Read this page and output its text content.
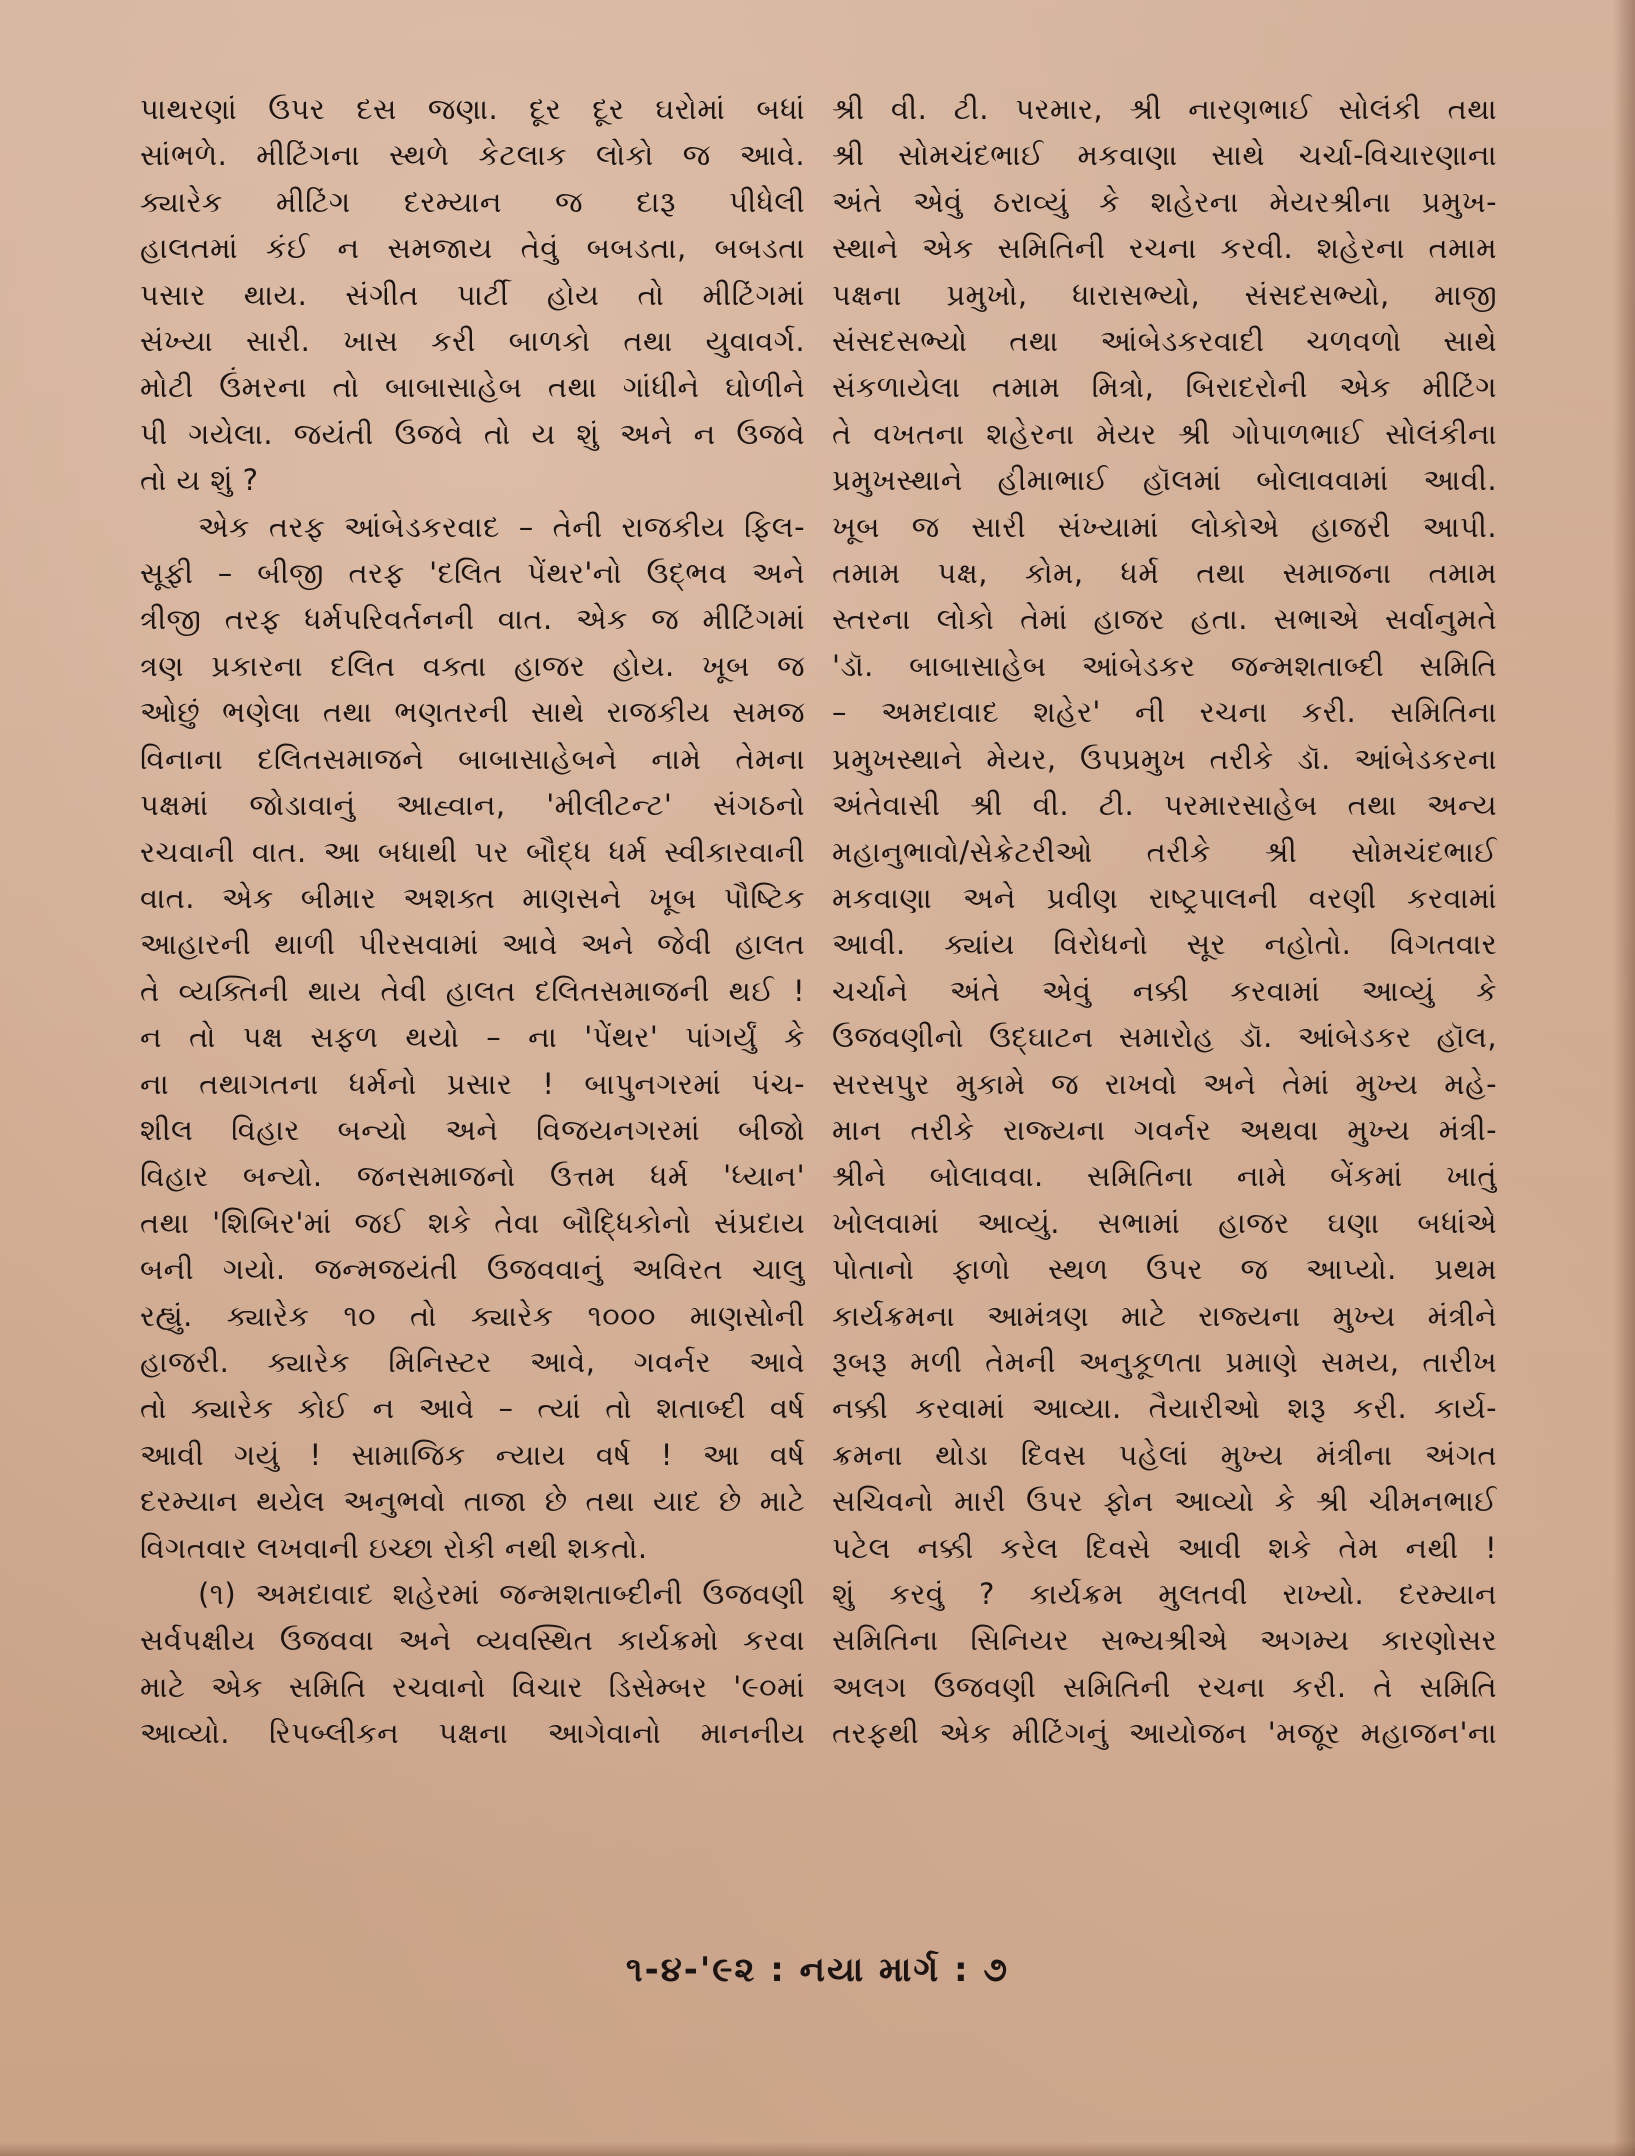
પાથરણાં ઉપર દસ જણા. દૂર દૂર ઘરોમાં બધાં
સાંભળે. મીટિંગના સ્થળે કેટલાક લોકો જ આવે.
ક્યારેક મીટિંગ દરમ્યાન જ દારૂ પીધેલી
હાલતમાં કંઈ ન સમજાય તેવું બબડતા, બબડતા
પસાર થાય. સંગીત પાર્ટી હોય તો મીટિંગમાં
સંખ્યા સારી. ખાસ કરી બાળકો તથા યુવાવર્ગ.
મોટી ઉંમરના તો બાબાસાહેબ તથા ગાંધીને ઘોળીને
પી ગયેલા. જયંતી ઉજવે તો ય શું અને ન ઉજવે
તો ય શું ?
એક તરફ આંબેડકરવાદ – તેની રાજકીય ફિલ-
સૂફી – બીજી તરફ 'દલિત પેંથર'નો ઉદ્ભવ અને
ત્રીજી તરફ ધર્મપરિવર્તનની વાત. એક જ મીટિંગમાં
ત્રણ પ્રકારના દલિત વક્તા હાજર હોય. ખૂબ જ
ઓછું ભણેલા તથા ભણતરની સાથે રાજકીય સમજ
વિનાના દલિતસમાજને બાબાસાહેબને નામે તેમના
પક્ષમાં જોડાવાનું આહ્વાન, 'મીલીટન્ટ' સંગઠનો
રચવાની વાત. આ બધાથી પર બૌદ્ધ ધર્મ સ્વીકારવાની
વાત. એક બીમાર અશક્ત માણસને ખૂબ પૌષ્ટિક
આહારની થાળી પીરસવામાં આવે અને જેવી હાલત
તે વ્યક્તિની થાય તેવી હાલત દલિતસમાજની થઈ !
ન તો પક્ષ સફળ થયો – ના 'પેંથર' પાંગર્યું કે
ના તથાગતના ધર્મનો પ્રસાર ! બાપુનગરમાં પંચ-
શીલ વિહાર બન્યો અને વિજયનગરમાં બીજો
વિહાર બન્યો. જનસમાજનો ઉત્તમ ધર્મ 'ધ્યાન'
તથા 'શિબિર'માં જઈ શકે તેવા બૌદ્ધિકોનો સંપ્રદાય
બની ગયો. જન્મજયંતી ઉજવવાનું અવિરત ચાલુ
રહ્યું. ક્યારેક ૧૦ તો ક્યારેક ૧૦૦૦ માણસોની
હાજરી. ક્યારેક મિનિસ્ટર આવે, ગવર્નર આવે
તો ક્યારેક કોઈ ન આવે – ત્યાં તો શતાબ્દી વર્ષ
આવી ગયું ! સામાજિક ન્યાય વર્ષ ! આ વર્ષ
દરમ્યાન થયેલ અનુભવો તાજા છે તથા યાદ છે માટે
વિગતવાર લખવાની ઇચ્છા રોકી નથી શકતો.
(૧) અમદાવાદ શહેરમાં જન્મશતાબ્દીની ઉજવણી
સર્વપક્ષીય ઉજવવા અને વ્યવસ્થિત કાર્યક્રમો કરવા
માટે એક સમિતિ રચવાનો વિચાર ડિસેમ્બર '૯૦માં
આવ્યો. રિપબ્લીકન પક્ષના આગેવાનો માનનીય
શ્રી વી. ટી. પરમાર, શ્રી નારણભાઈ સોલંકી તથા
શ્રી સોમચંદભાઈ મકવાણા સાથે ચર્ચા-વિચારણાના
અંતે એવું ઠરાવ્યું કે શહેરના મેયરશ્રીના પ્રમુખ-
સ્થાને એક સમિતિની રચના કરવી. શહેરના તમામ
પક્ષના પ્રમુખો, ધારાસભ્યો, સંસદસભ્યો, માજી
સંસદસભ્યો તથા આંબેડકરવાદી ચળવળો સાથે
સંકળાયેલા તમામ મિત્રો, બિરાદરોની એક મીટિંગ
તે વખતના શહેરના મેયર શ્રી ગોપાળભાઈ સોલંકીના
પ્રમુખસ્થાને હીમાભાઈ હૉલમાં બોલાવવામાં આવી.
ખૂબ જ સારી સંખ્યામાં લોકોએ હાજરી આપી.
તમામ પક્ષ, કોમ, ધર્મ તથા સમાજના તમામ
સ્તરના લોકો તેમાં હાજર હતા. સભાએ સર્વાનુમતે
'ડૉ. બાબાસાહેબ આંબેડકર જન્મશતાબ્દી સમિતિ
– અમદાવાદ શહેર' ની રચના કરી. સમિતિના
પ્રમુખસ્થાને મેયર, ઉપપ્રમુખ તરીકે ડૉ. આંબેડકરના
અંતેવાસી શ્રી વી. ટી. પરમારસાહેબ તથા અન્ય
મહાનુભાવો/સેક્રેટરીઓ તરીકે શ્રી સોમચંદભાઈ
મકવાણા અને પ્રવીણ રાષ્ટ્રપાલની વરણી કરવામાં
આવી. ક્યાંય વિરોધનો સૂર નહોતો. વિગતવાર
ચર્ચાને અંતે એવું નક્કી કરવામાં આવ્યું કે
ઉજવણીનો ઉદ્ઘાટન સમારોહ ડૉ. આંબેડકર હૉલ,
સરસપુર મુકામે જ રાખવો અને તેમાં મુખ્ય મહે-
માન તરીકે રાજ્યના ગવર્નર અથવા મુખ્ય મંત્રી-
શ્રીને બોલાવવા. સમિતિના નામે બેંકમાં ખાતું
ખોલવામાં આવ્યું. સભામાં હાજર ઘણા બધાંએ
પોતાનો ફાળો સ્થળ ઉપર જ આપ્યો. પ્રથમ
કાર્યક્રમના આમંત્રણ માટે રાજ્યના મુખ્ય મંત્રીને
રૂબરૂ મળી તેમની અનુકૂળતા પ્રમાણે સમય, તારીખ
નક્કી કરવામાં આવ્યા. તૈયારીઓ શરૂ કરી. કાર્ય-
ક્રમના થોડા દિવસ પહેલાં મુખ્ય મંત્રીના અંગત
સચિવનો મારી ઉપર ફોન આવ્યો કે શ્રી ચીમનભાઈ
પટેલ નક્કી કરેલ દિવસે આવી શકે તેમ નથી !
શું કરવું ? કાર્યક્રમ મુલતવી રાખ્યો. દરમ્યાન
સમિતિના સિનિયર સભ્યશ્રીએ અગમ્ય કારણોસર
અલગ ઉજવણી સમિતિની રચના કરી. તે સમિતિ
તરફથી એક મીટિંગનું આયોજન 'મજૂર મહાજન'ના
૧-૪-'૯૨ : નયા માર્ગ : ૭
